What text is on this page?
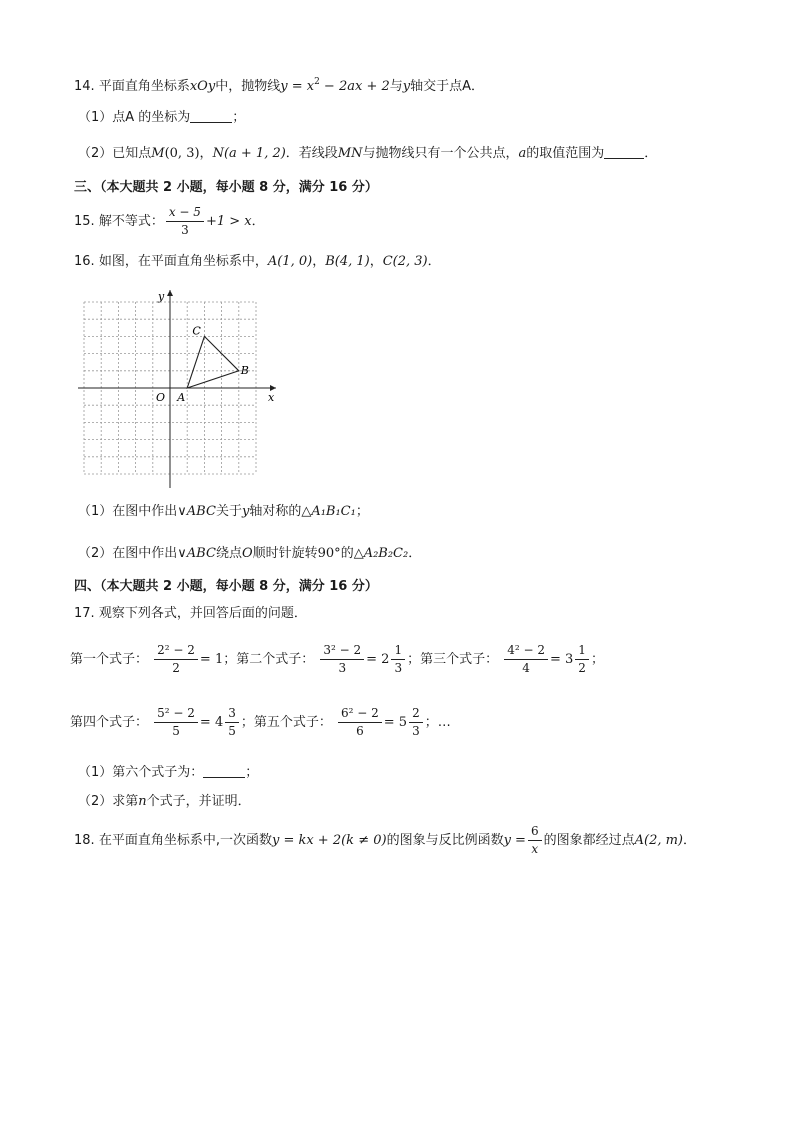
14. 平面直角坐标系xOy中，抛物线$y = x^2 - 2ax + 2$与y轴交于点A．
（1）点A 的坐标为	；
（2）已知点M(0, 3)，N(a + 1, 2)．若线段MN与抛物线只有一个公共点，a的取值范围为	．
三、（本大题共 2 小题，每小题 8 分，满分 16 分）
15. 解不等式： $\frac{x - 5}{3} +1 > x$．
16. 如图，在平面直角坐标系中，A(1, 0)，B(4, 1)，C(2, 3)．
y
x
O A
B
C
（1）在图中作出∨ABC关于y轴对称的△A₁B₁C₁；
（2）在图中作出∨ABC绕点O顺时针旋转90°的△A₂B₂C₂．
四、（本大题共 2 小题，每小题 8 分，满分 16 分）
17. 观察下列各式，并回答后面的问题．
第一个式子： $\frac{\text{2² − 2}}{2} = 1$；第二个式子： $\frac{\text{3² − 2}}{3} = 2 \frac{1}{3}$ ；第三个式子： $\frac{\text{4² − 2}}{4} = 3 \frac{1}{2}$ ；
第四个式子： $\frac{\text{5² − 2}}{5} = 4 \frac{3}{5}$ ；第五个式子： $\frac{\text{6² − 2}}{6} = 5 \frac{2}{3}$ ；…
（1）第六个式子为：	；
（2）求第n个式子，并证明．
18. 在平面直角坐标系中,一次函数y = kx + 2(k ≠ 0)的图象与反比例函数$y = \frac{6}{x}$ 的图象都经过点A(2, m)．
